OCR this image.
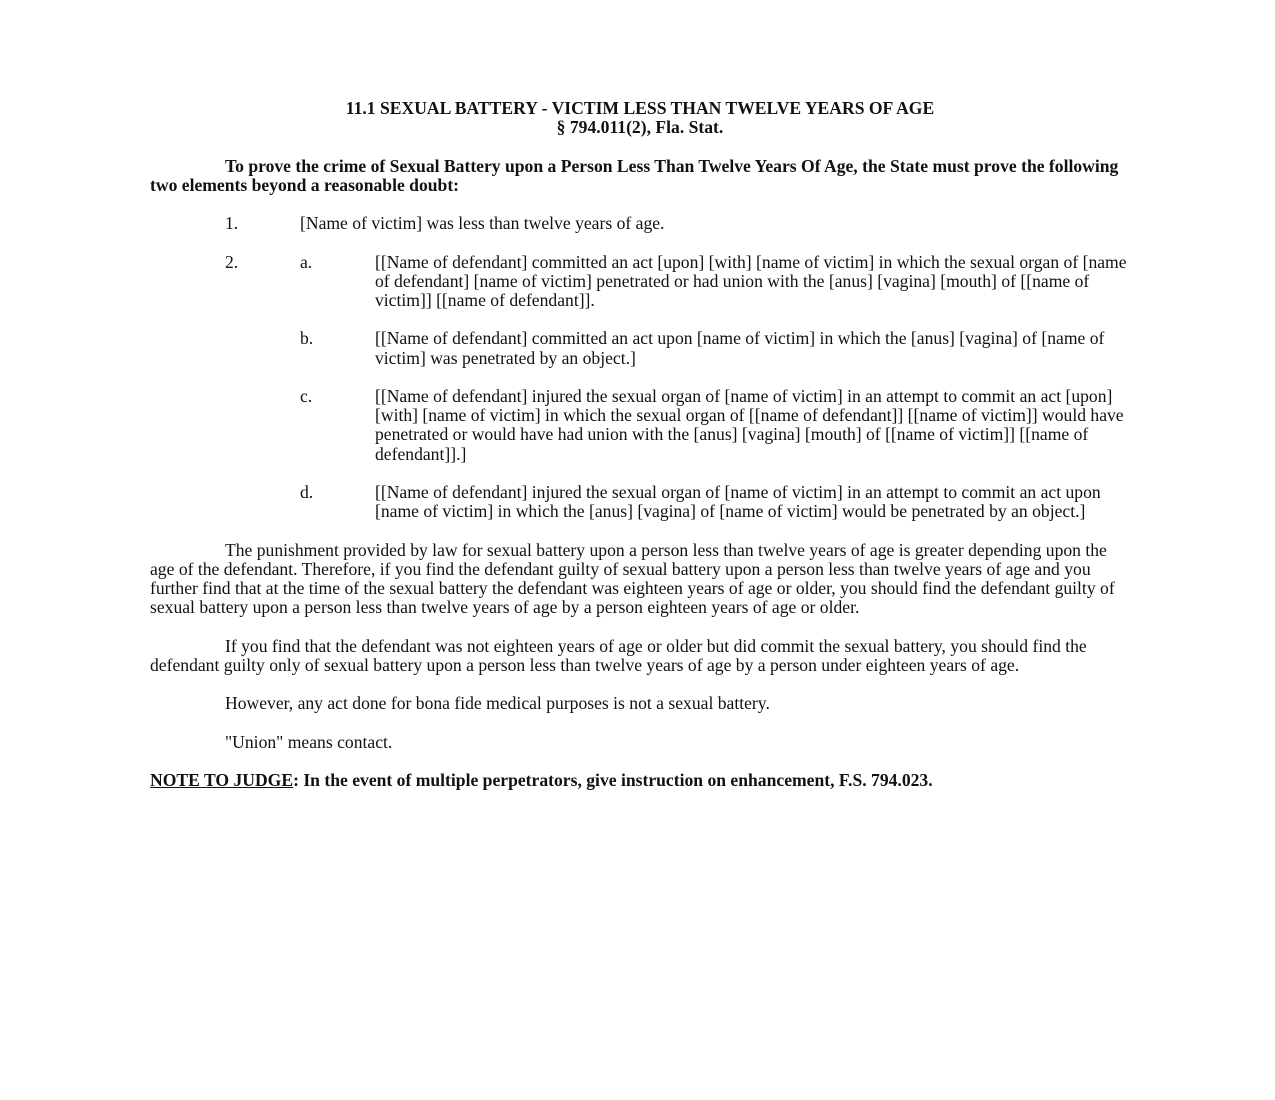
11.1 SEXUAL BATTERY - VICTIM LESS THAN TWELVE YEARS OF AGE
§ 794.011(2), Fla. Stat.
To prove the crime of Sexual Battery upon a Person Less Than Twelve Years Of Age, the State must prove the following two elements beyond a reasonable doubt:
1.	[Name of victim] was less than twelve years of age.
2.	a.	[[Name of defendant] committed an act [upon] [with] [name of victim] in which the sexual organ of [name of defendant] [name of victim] penetrated or had union with the [anus] [vagina] [mouth] of [[name of victim]] [[name of defendant]].
b.	[[Name of defendant] committed an act upon [name of victim] in which the [anus] [vagina] of [name of victim] was penetrated by an object.]
c.	[[Name of defendant] injured the sexual organ of [name of victim] in an attempt to commit an act [upon] [with] [name of victim] in which the sexual organ of [[name of defendant]] [[name of victim]] would have penetrated or would have had union with the [anus] [vagina] [mouth] of [[name of victim]] [[name of defendant]].]
d.	[[Name of defendant] injured the sexual organ of [name of victim] in an attempt to commit an act upon [name of victim] in which the [anus] [vagina] of [name of victim] would be penetrated by an object.]
The punishment provided by law for sexual battery upon a person less than twelve years of age is greater depending upon the age of the defendant. Therefore, if you find the defendant guilty of sexual battery upon a person less than twelve years of age and you further find that at the time of the sexual battery the defendant was eighteen years of age or older, you should find the defendant guilty of sexual battery upon a person less than twelve years of age by a person eighteen years of age or older.
If you find that the defendant was not eighteen years of age or older but did commit the sexual battery, you should find the defendant guilty only of sexual battery upon a person less than twelve years of age by a person under eighteen years of age.
However, any act done for bona fide medical purposes is not a sexual battery.
"Union" means contact.
NOTE TO JUDGE: In the event of multiple perpetrators, give instruction on enhancement, F.S. 794.023.
